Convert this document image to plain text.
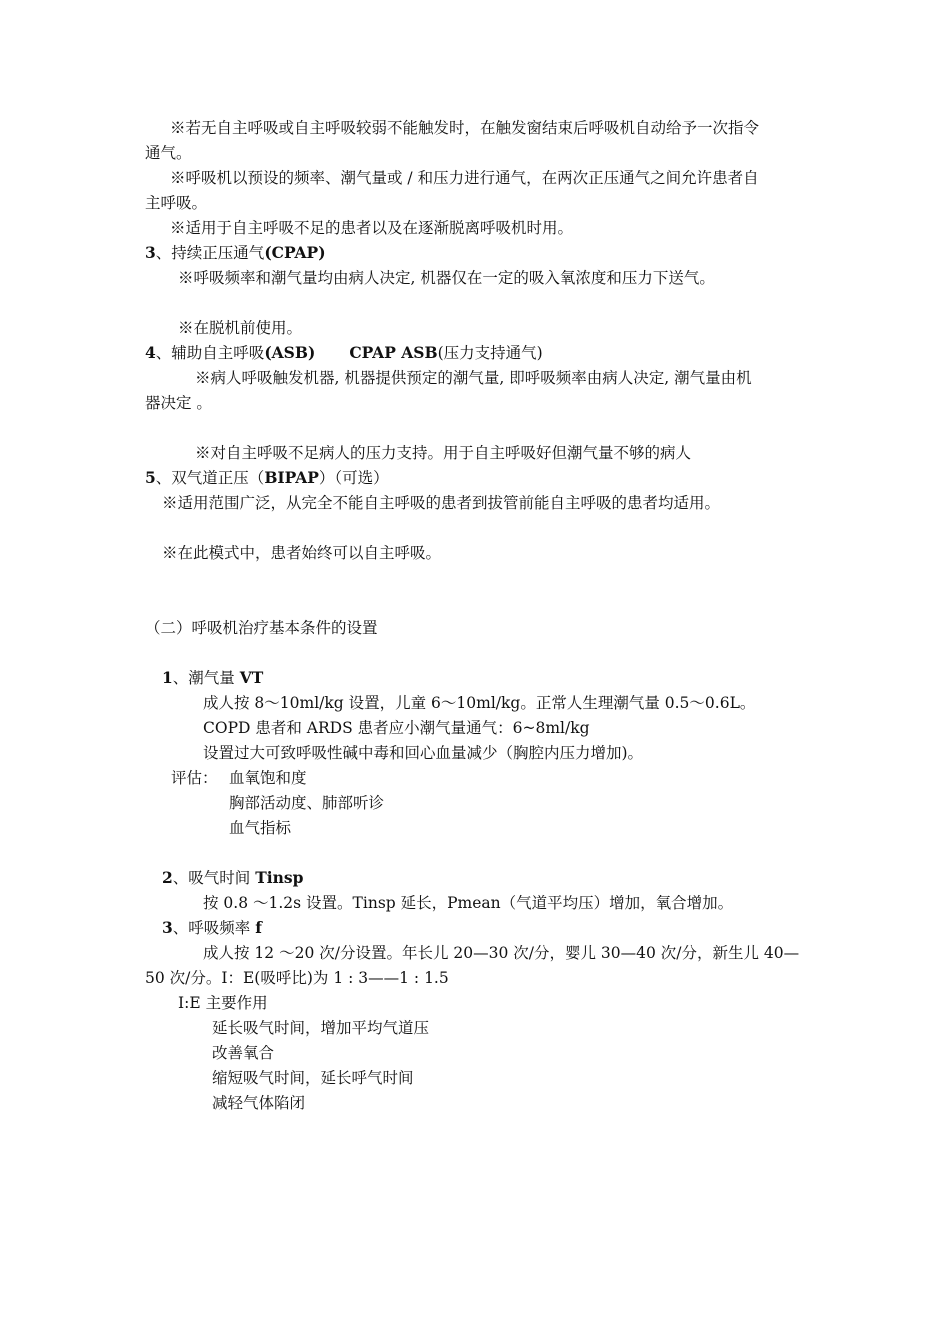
※若无自主呼吸或自主呼吸较弱不能触发时，在触发窗结束后呼吸机自动给予一次指令
通气。
※呼吸机以预设的频率、潮气量或 / 和压力进行通气，在两次正压通气之间允许患者自
主呼吸。
※适用于自主呼吸不足的患者以及在逐渐脱离呼吸机时用。
3、持续正压通气(CPAP)
※呼吸频率和潮气量均由病人决定, 机器仅在一定的吸入氧浓度和压力下送气。
※在脱机前使用。
4、辅助自主呼吸(ASB) CPAP ASB(压力支持通气)
※病人呼吸触发机器, 机器提供预定的潮气量, 即呼吸频率由病人决定, 潮气量由机
器决定 。
※对自主呼吸不足病人的压力支持。用于自主呼吸好但潮气量不够的病人
5、双气道正压（BIPAP）（可选）
※适用范围广泛，从完全不能自主呼吸的患者到拔管前能自主呼吸的患者均适用。
※在此模式中，患者始终可以自主呼吸。
（二）呼吸机治疗基本条件的设置
1、潮气量 VT
成人按 8～10ml/kg 设置，儿童 6～10ml/kg。正常人生理潮气量 0.5～0.6L。
COPD 患者和 ARDS 患者应小潮气量通气：6~8ml/kg
设置过大可致呼吸性碱中毒和回心血量减少（胸腔内压力增加)。
评估： 血氧饱和度
胸部活动度、肺部听诊
血气指标
2、吸气时间 Tinsp
按 0.8 ～1.2s 设置。Tinsp 延长，Pmean（气道平均压）增加，氧合增加。
3、呼吸频率 f
成人按 12 ～20 次/分设置。年长儿 20—30 次/分，婴儿 30—40 次/分，新生儿 40—
50 次/分。I：E(吸呼比)为 1 : 3——1 : 1.5
I:E 主要作用
延长吸气时间，增加平均气道压
改善氧合
缩短吸气时间，延长呼气时间
减轻气体陷闭
